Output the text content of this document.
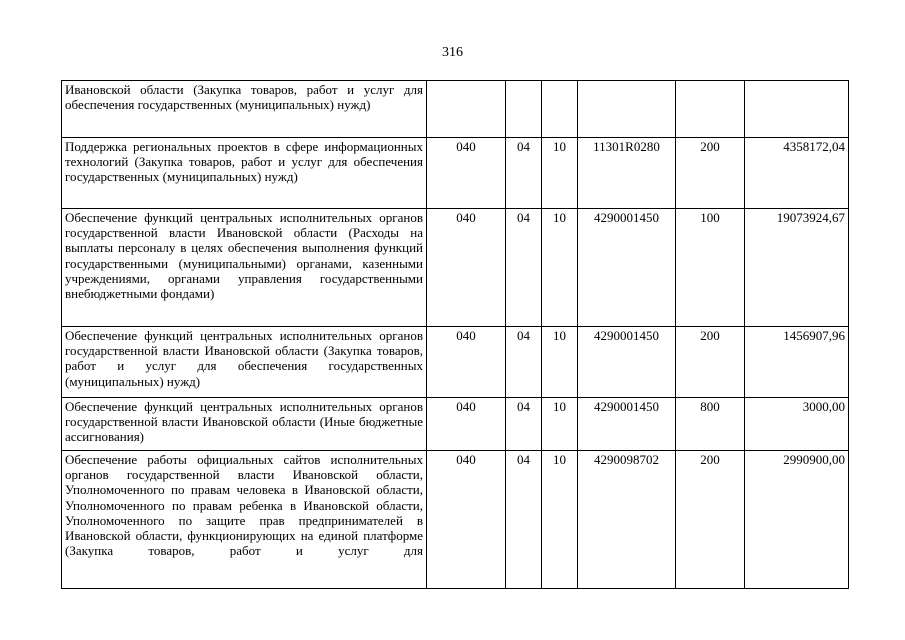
316
Ивановской области (Закупка товаров, работ и услуг для обеспечения государственных (муниципальных) нужд)						
Поддержка региональных проектов в сфере информационных технологий (Закупка товаров, работ и услуг для обеспечения государственных (муниципальных) нужд)	040	04	10	11301R0280	200	4358172,04
Обеспечение функций центральных исполнительных органов государственной власти Ивановской области (Расходы на выплаты персоналу в целях обеспечения выполнения функций государственными (муниципальными) органами, казенными учреждениями, органами управления государственными внебюджетными фондами)	040	04	10	4290001450	100	19073924,67
Обеспечение функций центральных исполнительных органов государственной власти Ивановской области (Закупка товаров, работ и услуг для обеспечения государственных (муниципальных) нужд)	040	04	10	4290001450	200	1456907,96
Обеспечение функций центральных исполнительных органов государственной власти Ивановской области (Иные бюджетные ассигнования)	040	04	10	4290001450	800	3000,00
Обеспечение работы официальных сайтов исполнительных органов государственной власти Ивановской области, Уполномоченного по правам человека в Ивановской области, Уполномоченного по правам ребенка в Ивановской области, Уполномоченного по защите прав предпринимателей в Ивановской области, функционирующих на единой платформе (Закупка товаров, работ и услуг для	040	04	10	4290098702	200	2990900,00
